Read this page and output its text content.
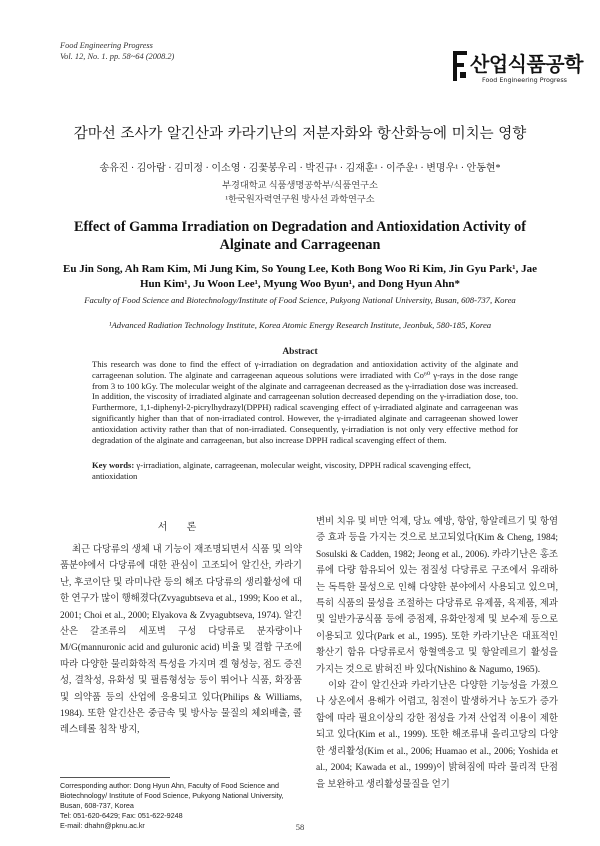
Food Engineering Progress
Vol. 12, No. 1. pp. 58~64 (2008.2)	산업식품공학
Food Engineering Progress
감마선 조사가 알긴산과 카라기난의 저분자화와 항산화능에 미치는 영향
송유진 · 김아람 · 김미정 · 이소영 · 김꽃봉우리 · 박진규¹ · 김재훈¹ · 이주운¹ · 변명우¹ · 안동현*
부경대학교 식품생명공학부/식품연구소
¹한국원자력연구원 방사선 과학연구소
Effect of Gamma Irradiation on Degradation and Antioxidation Activity of Alginate and Carrageenan
Eu Jin Song, Ah Ram Kim, Mi Jung Kim, So Young Lee, Koth Bong Woo Ri Kim, Jin Gyu Park¹, Jae Hun Kim¹, Ju Woon Lee¹, Myung Woo Byun¹, and Dong Hyun Ahn*
Faculty of Food Science and Biotechnology/Institute of Food Science, Pukyong National University, Busan, 608-737, Korea
¹Advanced Radiation Technology Institute, Korea Atomic Energy Research Institute, Jeonbuk, 580-185, Korea
Abstract
This research was done to find the effect of γ-irradiation on degradation and antioxidation activity of the alginate and carrageenan solution. The alginate and carrageenan aqueous solutions were irradiated with Co⁶⁰ γ-rays in the dose range from 3 to 100 kGy. The molecular weight of the alginate and carrageenan decreased as the γ-irradiation dose was increased. In addition, the viscosity of irradiated alginate and carrageenan solution decreased depending on the γ-irradiation dose, too. Furthermore, 1,1-diphenyl-2-picrylhydrazyl(DPPH) radical scavenging effect of γ-irradiated alginate and carrageenan was significantly higher than that of non-irradiated control. However, the γ-irradiated alginate and carrageenan showed lower antioxidation activity rather than that of non-irradiated. Consequently, γ-irradiation is not only very effective method for degradation of the alginate and carrageenan, but also increase DPPH radical scavenging effect of them.
Key words: γ-irradiation, alginate, carrageenan, molecular weight, viscosity, DPPH radical scavenging effect, antioxidation
서 론

최근 다당류의 생체 내 기능이 재조명되면서 식품 및 의약품분야에서 다당류에 대한 관심이 고조되어 알긴산, 카라기난, 후코이단 및 라미나란 등의 해조 다당류의 생리활성에 대한 연구가 많이 행해졌다(Zvyagubtseva et al., 1999; Koo et al., 2001; Choi et al., 2000; Elyakova & Zvyagubtseva, 1974). 알긴산은 갈조류의 세포벽 구성 다당류로 분자량이나 M/G(mannuronic acid and guluronic acid) 비율 및 결합 구조에 따라 다양한 물리화학적 특성을 가지며 겔 형성능, 점도 증진성, 결착성, 유화성 및 필름형성능 등이 뛰어나 식품, 화장품 및 의약품 등의 산업에 응용되고 있다(Philips & Williams, 1984). 또한 알긴산은 중금속 및 방사능 물질의 체외배출, 콜레스테롤 침착 방지,

변비 치유 및 비만 억제, 당뇨 예방, 항암, 항알레르기 및 항염증 효과 등을 가지는 것으로 보고되었다(Kim & Cheng, 1984; Sosulski & Cadden, 1982; Jeong et al., 2006). 카라기난은 홍조류에 다량 함유되어 있는 점질성 다당류로 구조에서 유래하는 독특한 물성으로 인해 다양한 분야에서 사용되고 있으며, 특히 식품의 물성을 조절하는 다당류로 유제품, 육제품, 제과 및 일반가공식품 등에 증점제, 유화안정제 및 보수제 등으로 이용되고 있다(Park et al., 1995). 또한 카라기난은 대표적인 황산기 함유 다당류로서 항혈액응고 및 항알레르기 활성을 가지는 것으로 밝혀진 바 있다(Nishino & Nagumo, 1965).

이와 같이 알긴산과 카라기난은 다양한 기능성을 가졌으나 상온에서 용해가 어렵고, 침전이 발생하거나 농도가 증가함에 따라 필요이상의 강한 점성을 가져 산업적 이용이 제한되고 있다(Kim et al., 1999). 또한 해조류내 올리고당의 다양한 생리활성(Kim et al., 2006; Huamao et al., 2006; Yoshida et al., 2004; Kawada et al., 1999)이 밝혀짐에 따라 물리적 단점을 보완하고 생리활성물질을 얻기

Corresponding author: Dong Hyun Ahn, Faculty of Food Science and
Biotechnology/ Institute of Food Science, Pukyong National University,
Busan, 608-737, Korea
Tel: 051-620-6429; Fax: 051-622-9248
E-mail: dhahn@pknu.ac.kr	58
